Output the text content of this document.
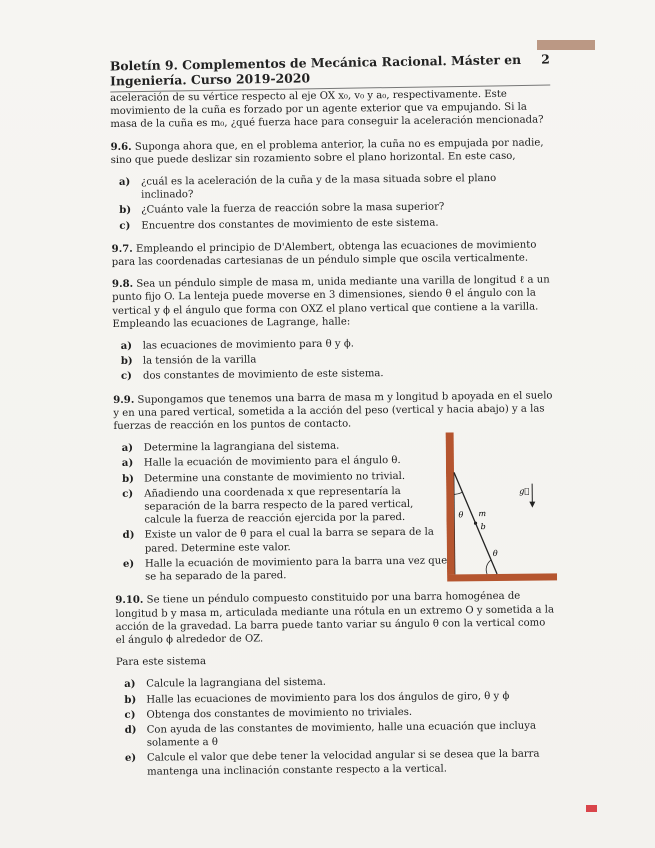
Boletín 9. Complementos de Mecánica Racional. Máster en Ingeniería. Curso 2019-2020
2

aceleración de su vértice respecto al eje OX x₀, v₀ y a₀, respectivamente. Este movimiento de la cuña es forzado por un agente exterior que va empujando. Si la masa de la cuña es m₀, ¿qué fuerza hace para conseguir la aceleración mencionada?

9.6. Suponga ahora que, en el problema anterior, la cuña no es empujada por nadie, sino que puede deslizar sin rozamiento sobre el plano horizontal. En este caso,

a)	¿cuál es la aceleración de la cuña y de la masa situada sobre el plano inclinado?
b) ¿Cuánto vale la fuerza de reacción sobre la masa superior?
c)	Encuentre dos constantes de movimiento de este sistema.

9.7. Empleando el principio de D'Alembert, obtenga las ecuaciones de movimiento para las coordenadas cartesianas de un péndulo simple que oscila verticalmente.

9.8. Sea un péndulo simple de masa m, unida mediante una varilla de longitud ℓ a un punto fijo O. La lenteja puede moverse en 3 dimensiones, siendo θ el ángulo con la vertical y ϕ el ángulo que forma con OXZ el plano vertical que contiene a la varilla. Empleando las ecuaciones de Lagrange, halle:

a)	las ecuaciones de movimiento para θ y ϕ.
b) la tensión de la varilla
c)	dos constantes de movimiento de este sistema.

9.9. Supongamos que tenemos una barra de masa m y longitud b apoyada en el suelo y en una pared vertical, sometida a la acción del peso (vertical y hacia abajo) y a las fuerzas de reacción en los puntos de contacto.

θ m
b
θ
g⃗
a)	Determine la lagrangiana del sistema.
a)	Halle la ecuación de movimiento para el ángulo θ.
b) Determine una constante de movimiento no trivial.
c)	Añadiendo una coordenada x que representaría la separación de la barra respecto de la pared vertical, calcule la fuerza de reacción ejercida por la pared.
d) Existe un valor de θ para el cual la barra se separa de la pared. Determine este valor.
e)	Halle la ecuación de movimiento para la barra una vez que se ha separado de la pared.

9.10. Se tiene un péndulo compuesto constituido por una barra homogénea de longitud b y masa m, articulada mediante una rótula en un extremo O y sometida a la acción de la gravedad. La barra puede tanto variar su ángulo θ con la vertical como el ángulo ϕ alrededor de OZ.

Para este sistema

a)	Calcule la lagrangiana del sistema.
b) Halle las ecuaciones de movimiento para los dos ángulos de giro, θ y ϕ
c)	Obtenga dos constantes de movimiento no triviales.
d) Con ayuda de las constantes de movimiento, halle una ecuación que incluya solamente a θ
e)	Calcule el valor que debe tener la velocidad angular si se desea que la barra mantenga una inclinación constante respecto a la vertical.
